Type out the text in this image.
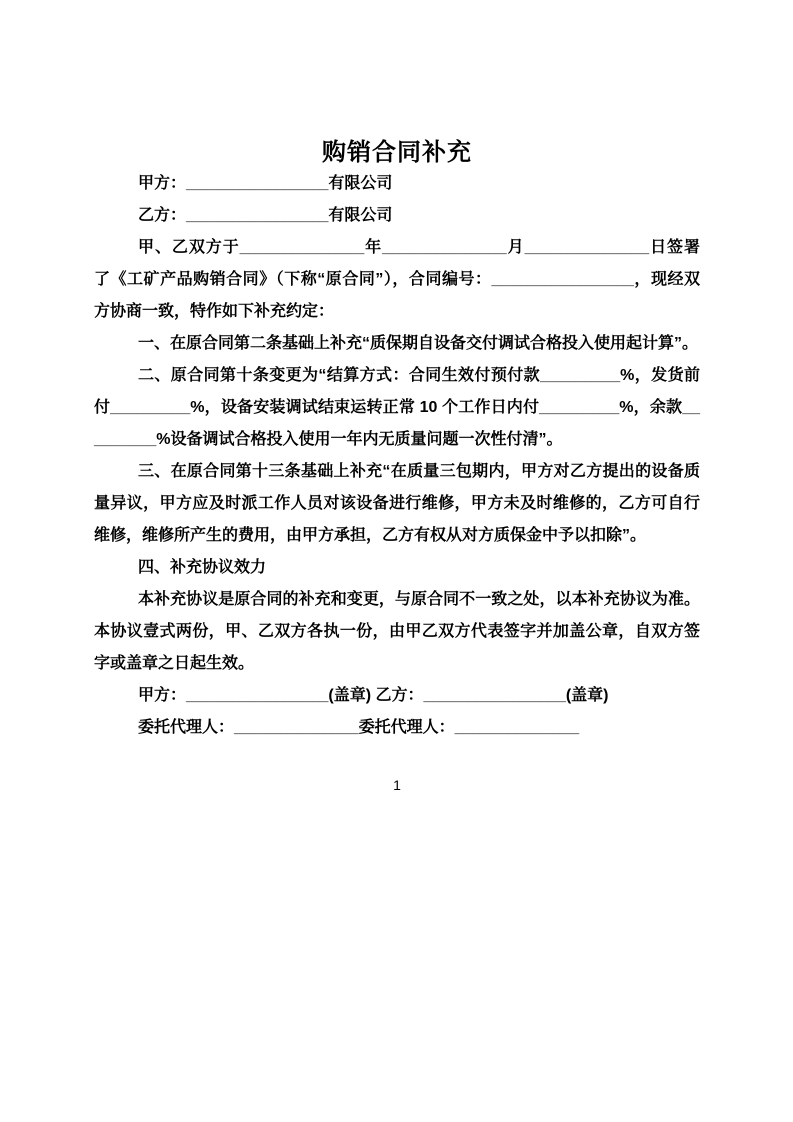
购销合同补充

甲方：________________有限公司

乙方：________________有限公司

甲、乙双方于______________年______________月______________日签署了《工矿产品购销合同》（下称“原合同”），合同编号：________________，现经双方协商一致，特作如下补充约定：

一、在原合同第二条基础上补充“质保期自设备交付调试合格投入使用起计算”。

二、原合同第十条变更为“结算方式：合同生效付预付款_________%，发货前付_________%，设备安装调试结束运转正常 10 个工作日内付_________%，余款_________%设备调试合格投入使用一年内无质量问题一次性付清”。

三、在原合同第十三条基础上补充“在质量三包期内，甲方对乙方提出的设备质量异议，甲方应及时派工作人员对该设备进行维修，甲方未及时维修的，乙方可自行维修，维修所产生的费用，由甲方承担，乙方有权从对方质保金中予以扣除”。

四、补充协议效力

本补充协议是原合同的补充和变更，与原合同不一致之处，以本补充协议为准。本协议壹式两份，甲、乙双方各执一份，由甲乙双方代表签字并加盖公章，自双方签字或盖章之日起生效。

甲方：________________(盖章) 乙方：________________(盖章)

委托代理人：______________委托代理人：______________

1
